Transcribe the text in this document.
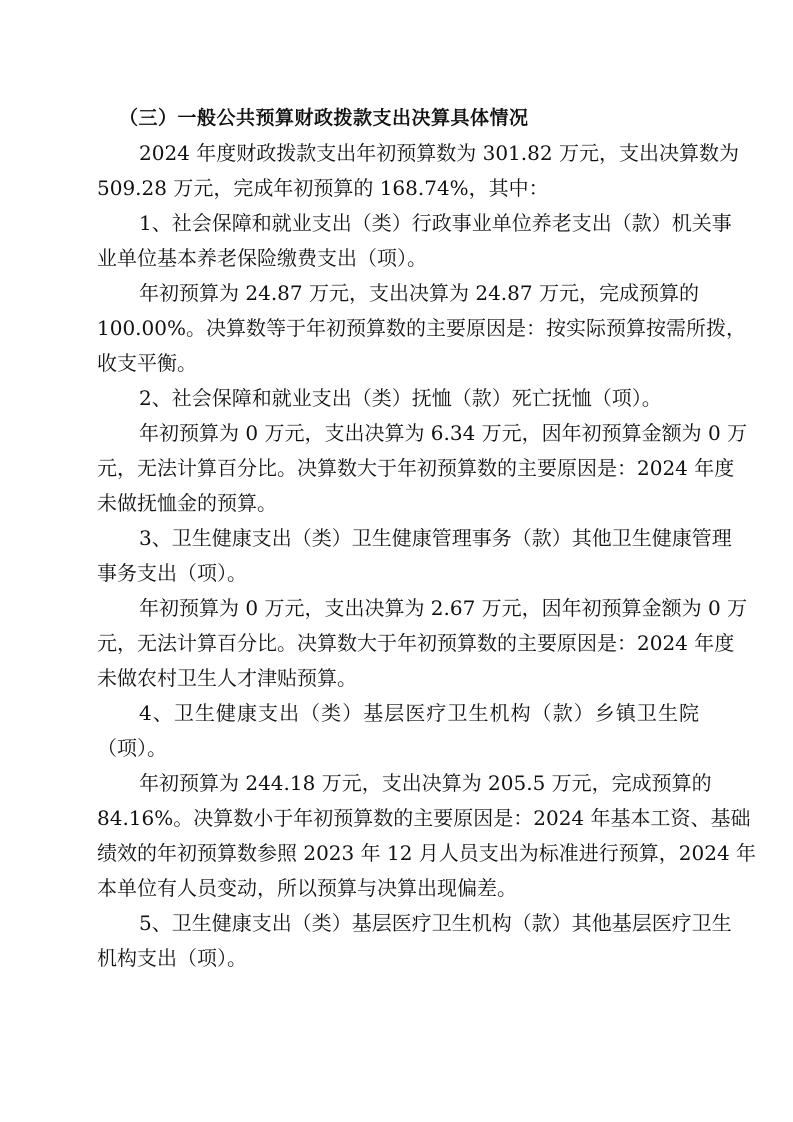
（三）一般公共预算财政拨款支出决算具体情况
2024 年度财政拨款支出年初预算数为 301.82 万元，支出决算数为
509.28 万元，完成年初预算的 168.74%，其中：
1、社会保障和就业支出（类）行政事业单位养老支出（款）机关事
业单位基本养老保险缴费支出（项）。
年初预算为 24.87 万元，支出决算为 24.87 万元，完成预算的
100.00%。决算数等于年初预算数的主要原因是：按实际预算按需所拨，
收支平衡。
2、社会保障和就业支出（类）抚恤（款）死亡抚恤（项）。
年初预算为 0 万元，支出决算为 6.34 万元，因年初预算金额为 0 万
元，无法计算百分比。决算数大于年初预算数的主要原因是：2024 年度
未做抚恤金的预算。
3、卫生健康支出（类）卫生健康管理事务（款）其他卫生健康管理
事务支出（项）。
年初预算为 0 万元，支出决算为 2.67 万元，因年初预算金额为 0 万
元，无法计算百分比。决算数大于年初预算数的主要原因是：2024 年度
未做农村卫生人才津贴预算。
4、卫生健康支出（类）基层医疗卫生机构（款）乡镇卫生院
（项）。
年初预算为 244.18 万元，支出决算为 205.5 万元，完成预算的
84.16%。决算数小于年初预算数的主要原因是：2024 年基本工资、基础
绩效的年初预算数参照 2023 年 12 月人员支出为标准进行预算，2024 年
本单位有人员变动，所以预算与决算出现偏差。
5、卫生健康支出（类）基层医疗卫生机构（款）其他基层医疗卫生
机构支出（项）。
